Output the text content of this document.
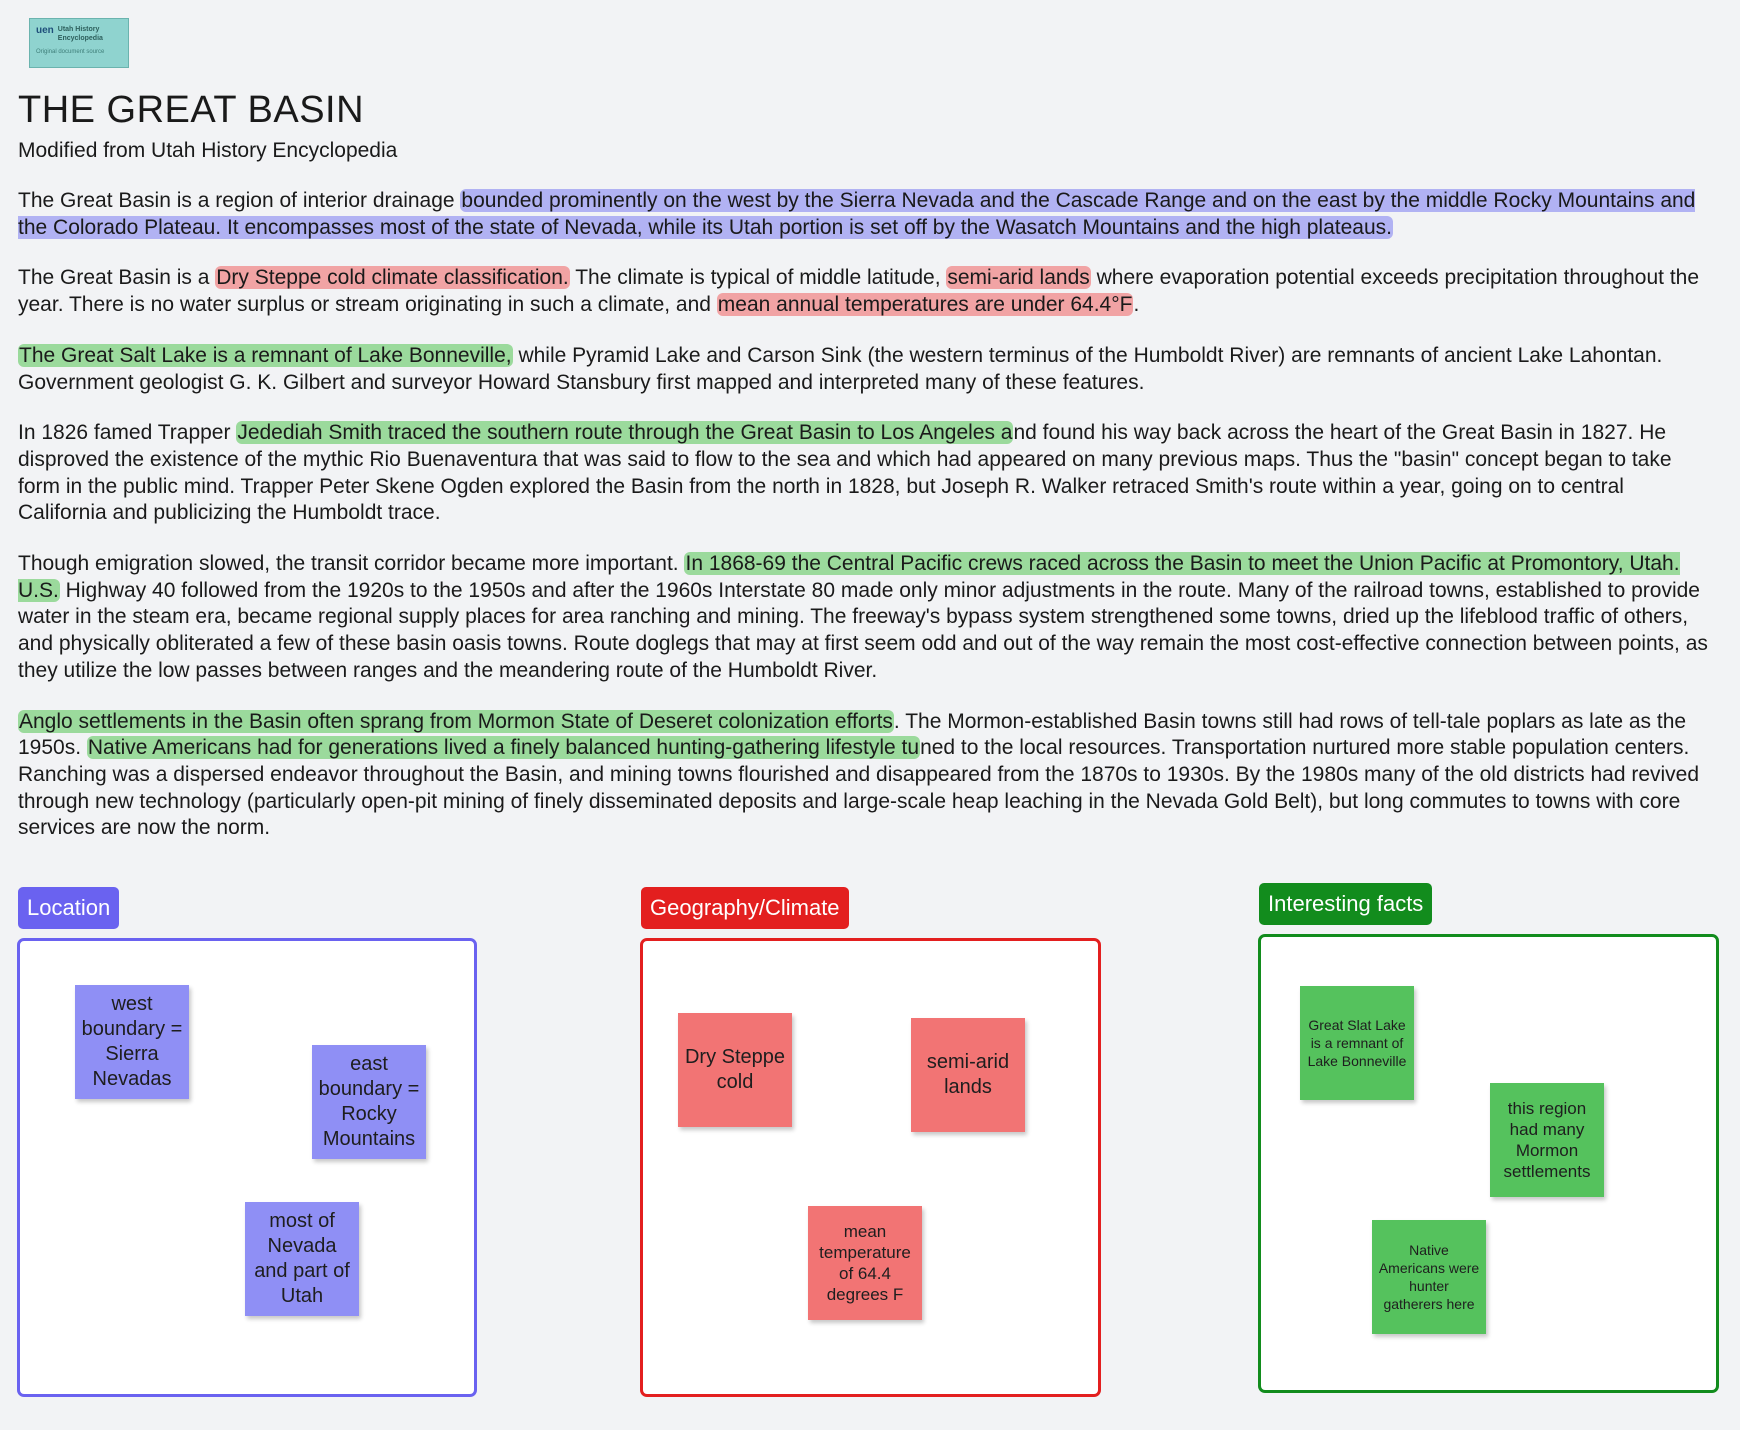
uen Utah History
Encyclopedia
Original document source
THE GREAT BASIN
Modified from Utah History Encyclopedia

The Great Basin is a region of interior drainage bounded prominently on the west by the Sierra Nevada and the Cascade Range and on the east by the middle Rocky Mountains and the Colorado Plateau. It encompasses most of the state of Nevada, while its Utah portion is set off by the Wasatch Mountains and the high plateaus.

The Great Basin is a Dry Steppe cold climate classification. The climate is typical of middle latitude, semi-arid lands where evaporation potential exceeds precipitation throughout the year. There is no water surplus or stream originating in such a climate, and mean annual temperatures are under 64.4°F.

The Great Salt Lake is a remnant of Lake Bonneville, while Pyramid Lake and Carson Sink (the western terminus of the Humboldt River) are remnants of ancient Lake Lahontan. Government geologist G. K. Gilbert and surveyor Howard Stansbury first mapped and interpreted many of these features.

In 1826 famed Trapper Jedediah Smith traced the southern route through the Great Basin to Los Angeles and found his way back across the heart of the Great Basin in 1827. He disproved the existence of the mythic Rio Buenaventura that was said to flow to the sea and which had appeared on many previous maps. Thus the "basin" concept began to take form in the public mind. Trapper Peter Skene Ogden explored the Basin from the north in 1828, but Joseph R. Walker retraced Smith's route within a year, going on to central California and publicizing the Humboldt trace.

Though emigration slowed, the transit corridor became more important. In 1868-69 the Central Pacific crews raced across the Basin to meet the Union Pacific at Promontory, Utah. U.S. Highway 40 followed from the 1920s to the 1950s and after the 1960s Interstate 80 made only minor adjustments in the route. Many of the railroad towns, established to provide water in the steam era, became regional supply places for area ranching and mining. The freeway's bypass system strengthened some towns, dried up the lifeblood traffic of others, and physically obliterated a few of these basin oasis towns. Route doglegs that may at first seem odd and out of the way remain the most cost-effective connection between points, as they utilize the low passes between ranges and the meandering route of the Humboldt River.

Anglo settlements in the Basin often sprang from Mormon State of Deseret colonization efforts. The Mormon-established Basin towns still had rows of tell-tale poplars as late as the 1950s. Native Americans had for generations lived a finely balanced hunting-gathering lifestyle tuned to the local resources. Transportation nurtured more stable population centers. Ranching was a dispersed endeavor throughout the Basin, and mining towns flourished and disappeared from the 1870s to 1930s. By the 1980s many of the old districts had revived through new technology (particularly open-pit mining of finely disseminated deposits and large-scale heap leaching in the Nevada Gold Belt), but long commutes to towns with core services are now the norm.

Location
west boundary = Sierra Nevadas
east boundary = Rocky Mountains
most of Nevada and part of Utah
Geography/Climate
Dry Steppe cold
semi-arid lands
mean temperature of 64.4 degrees F
Interesting facts
Great Slat Lake is a remnant of Lake Bonneville
this region had many Mormon settlements
Native Americans were hunter gatherers here
